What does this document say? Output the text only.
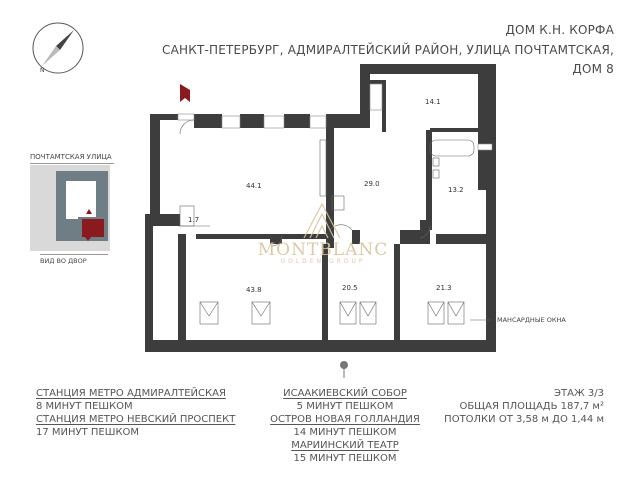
ДОМ К.Н. КОРФА
САНКТ-ПЕТЕРБУРГ, АДМИРАЛТЕЙСКИЙ РАЙОН, УЛИЦА ПОЧТАМТСКАЯ,
ДОМ 8
N
ПОЧТАМТСКАЯ УЛИЦА
ВИД ВО ДВОР
44.1	29.0
14.1
13.2
1.7
43.8	20.5	21.3
MONTBLANC
GOLDEN GROUP
МАНСАРДНЫЕ ОКНА
СТАНЦИЯ МЕТРО АДМИРАЛТЕЙСКАЯ
8 МИНУТ ПЕШКОМ
СТАНЦИЯ МЕТРО НЕВСКИЙ ПРОСПЕКТ
17 МИНУТ ПЕШКОМ
ИСААКИЕВСКИЙ СОБОР
5 МИНУТ ПЕШКОМ
ОСТРОВ НОВАЯ ГОЛЛАНДИЯ
14 МИНУТ ПЕШКОМ
МАРИИНСКИЙ ТЕАТР
15 МИНУТ ПЕШКОМ
ЭТАЖ 3/3
ОБЩАЯ ПЛОЩАДЬ 187,7 м²
ПОТОЛКИ ОТ 3,58 м ДО 1,44 м
